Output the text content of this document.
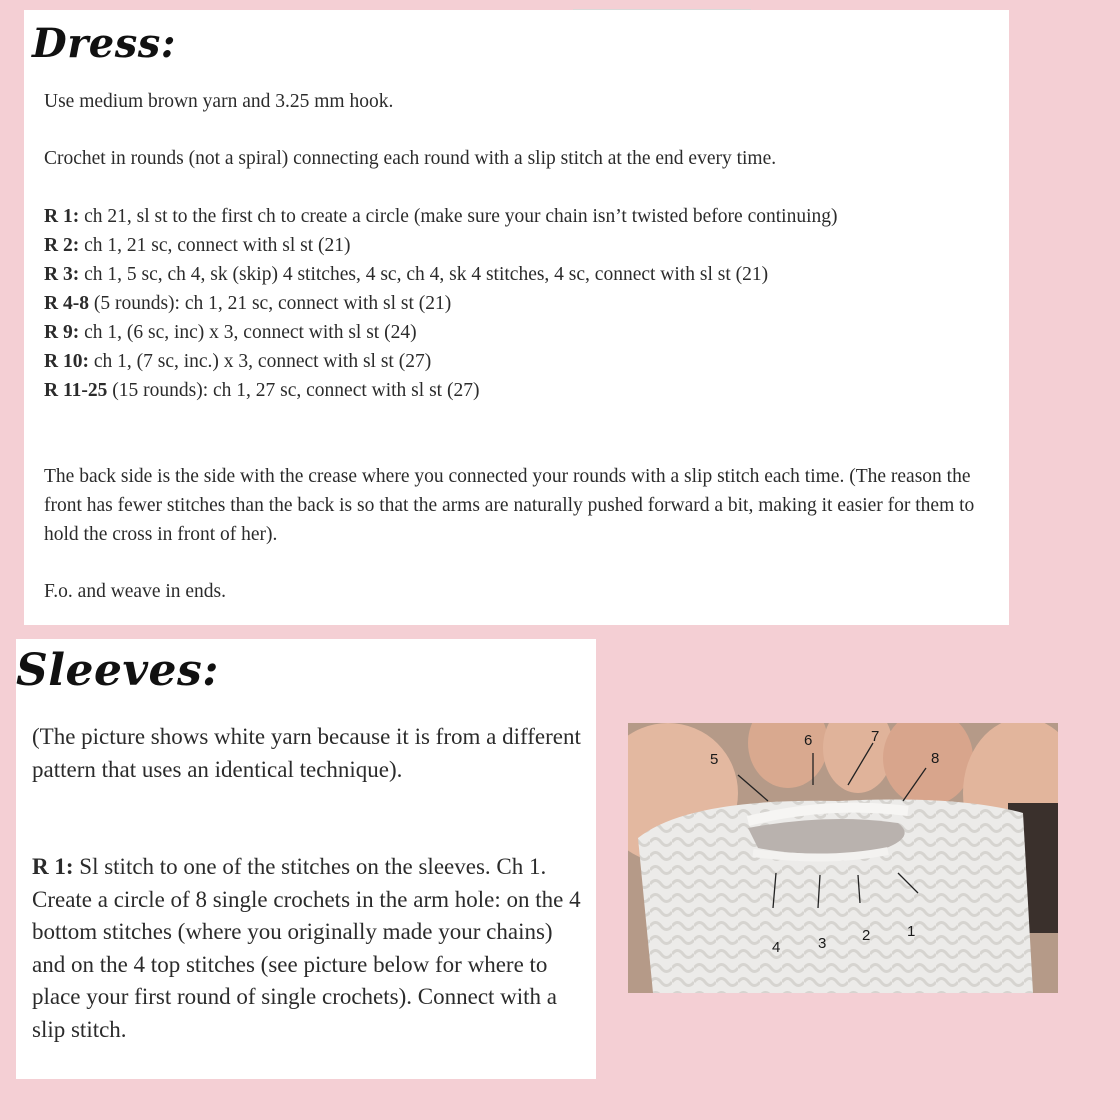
Dress:

Use medium brown yarn and 3.25 mm hook.

Crochet in rounds (not a spiral) connecting each round with a slip stitch at the end every time.

R 1: ch 21, sl st to the first ch to create a circle (make sure your chain isn’t twisted before continuing)
R 2: ch 1, 21 sc, connect with sl st (21)
R 3: ch 1, 5 sc, ch 4, sk (skip) 4 stitches, 4 sc, ch 4, sk 4 stitches, 4 sc, connect with sl st (21)
R 4-8 (5 rounds): ch 1, 21 sc, connect with sl st (21)
R 9: ch 1, (6 sc, inc) x 3, connect with sl st (24)
R 10: ch 1, (7 sc, inc.) x 3, connect with sl st (27)
R 11-25 (15 rounds): ch 1, 27 sc, connect with sl st (27)

The back side is the side with the crease where you connected your rounds with a slip stitch each time. (The reason the front has fewer stitches than the back is so that the arms are naturally pushed forward a bit, making it easier for them to hold the cross in front of her).

F.o. and weave in ends.

Sleeves:

(The picture shows white yarn because it is from a different pattern that uses an identical technique).

R 1: Sl stitch to one of the stitches on the sleeves. Ch 1. Create a circle of 8 single crochets in the arm hole: on the 4 bottom stitches (where you originally made your chains) and on the 4 top stitches (see picture below for where to place your first round of single crochets). Connect with a slip stitch.

1
2
3
4
5
6	7
8
